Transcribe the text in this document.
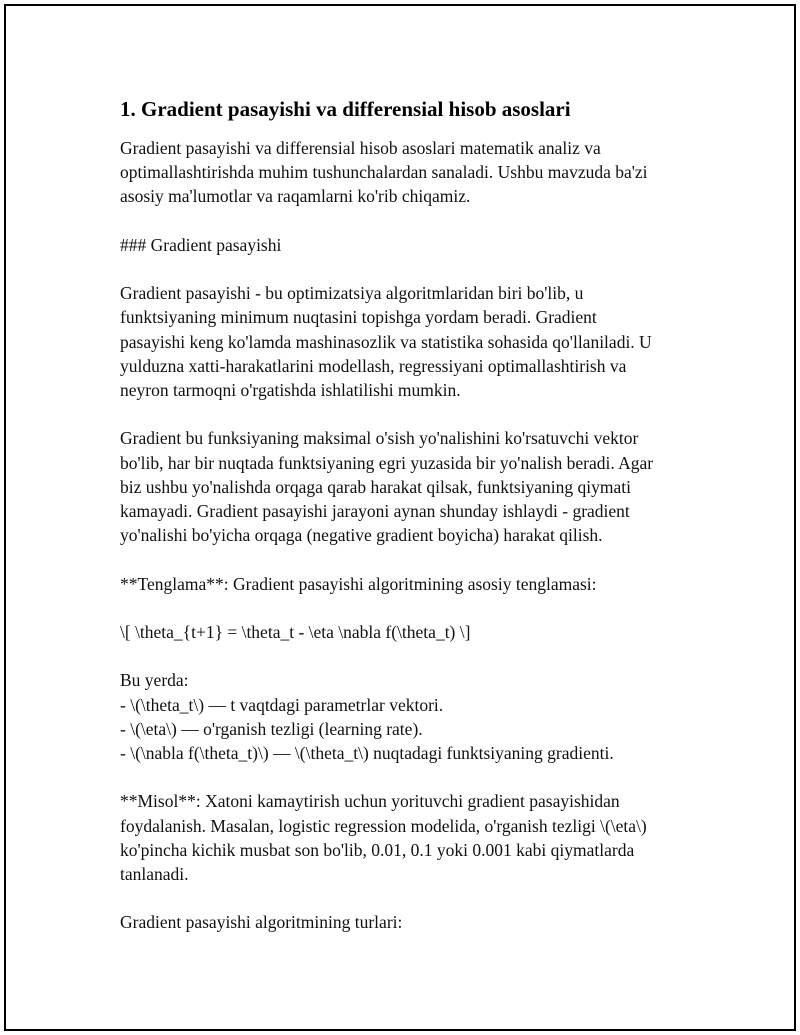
1. Gradient pasayishi va differensial hisob asoslari

Gradient pasayishi va differensial hisob asoslari matematik analiz va
optimallashtirishda muhim tushunchalardan sanaladi. Ushbu mavzuda ba'zi
asosiy ma'lumotlar va raqamlarni ko'rib chiqamiz.

### Gradient pasayishi

Gradient pasayishi - bu optimizatsiya algoritmlaridan biri bo'lib, u
funktsiyaning minimum nuqtasini topishga yordam beradi. Gradient
pasayishi keng ko'lamda mashinasozlik va statistika sohasida qo'llaniladi. U
yulduzna xatti-harakatlarini modellash, regressiyani optimallashtirish va
neyron tarmoqni o'rgatishda ishlatilishi mumkin.

Gradient bu funksiyaning maksimal o'sish yo'nalishini ko'rsatuvchi vektor
bo'lib, har bir nuqtada funktsiyaning egri yuzasida bir yo'nalish beradi. Agar
biz ushbu yo'nalishda orqaga qarab harakat qilsak, funktsiyaning qiymati
kamayadi. Gradient pasayishi jarayoni aynan shunday ishlaydi - gradient
yo'nalishi bo'yicha orqaga (negative gradient boyicha) harakat qilish.

**Tenglama**: Gradient pasayishi algoritmining asosiy tenglamasi:

\[ \theta_{t+1} = \theta_t - \eta \nabla f(\theta_t) \]

Bu yerda:
- \(\theta_t\) — t vaqtdagi parametrlar vektori.
- \(\eta\) — o'rganish tezligi (learning rate).
- \(\nabla f(\theta_t)\) — \(\theta_t\) nuqtadagi funktsiyaning gradienti.

**Misol**: Xatoni kamaytirish uchun yorituvchi gradient pasayishidan
foydalanish. Masalan, logistic regression modelida, o'rganish tezligi \(\eta\)
ko'pincha kichik musbat son bo'lib, 0.01, 0.1 yoki 0.001 kabi qiymatlarda
tanlanadi.

Gradient pasayishi algoritmining turlari:
